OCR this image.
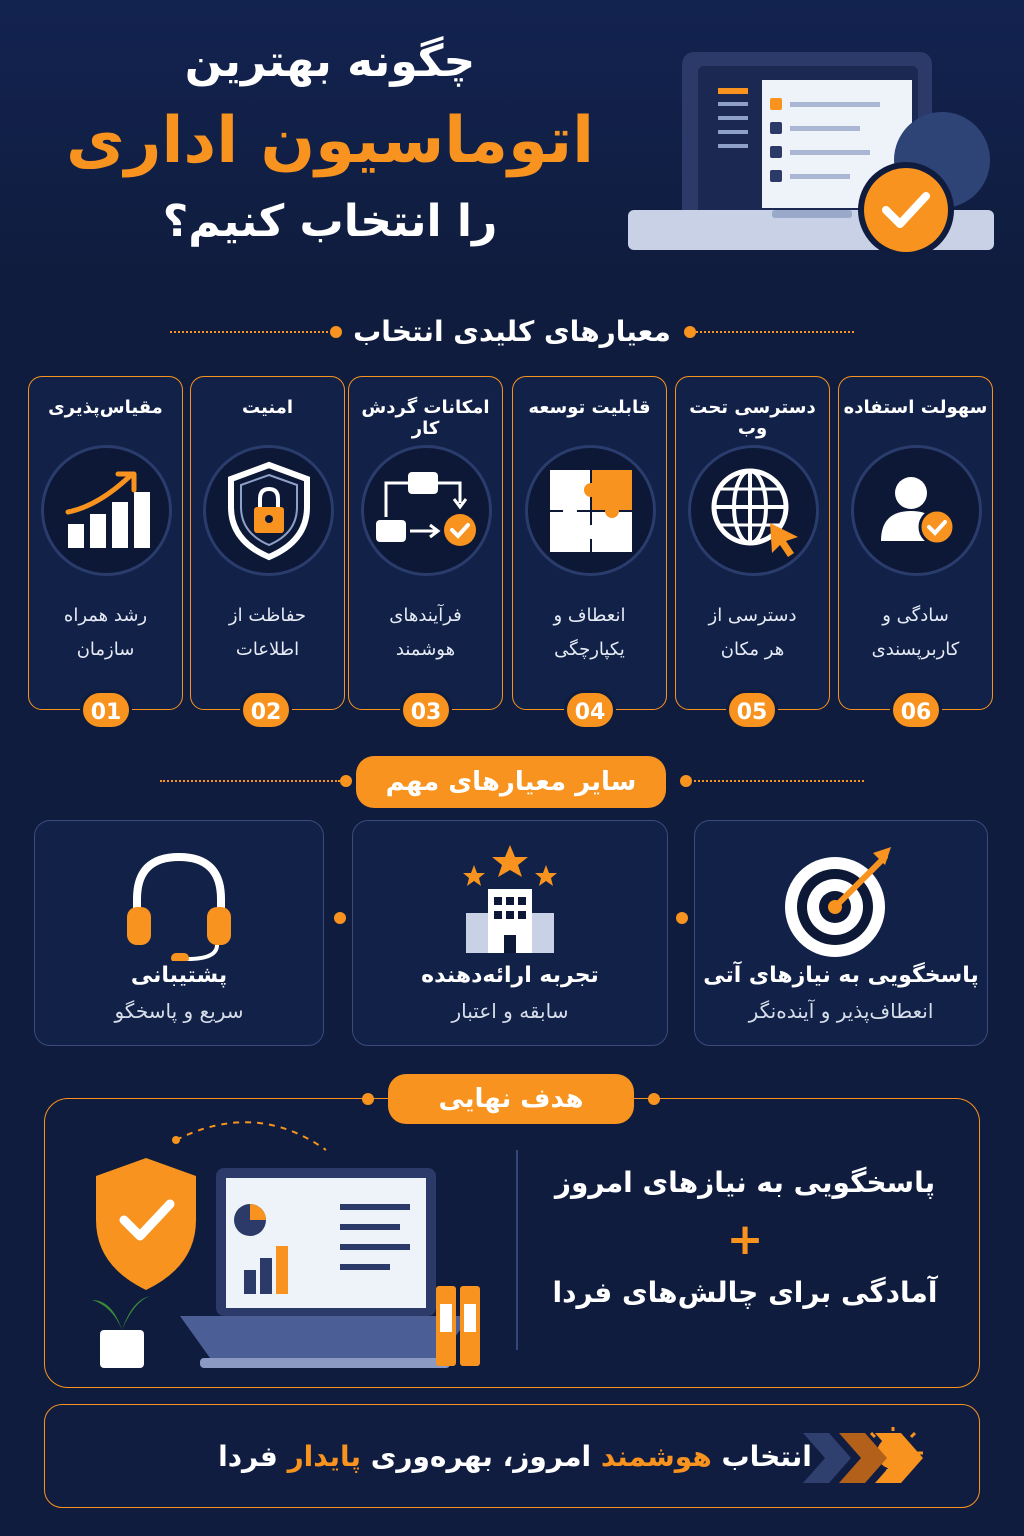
چگونه بهترین
اتوماسیون اداری
را انتخاب کنیم؟
معیارهای کلیدی انتخاب
سهولت استفاده
سادگی و
کاربرپسندی
دسترسی تحت وب
دسترسی از
هر مکان
قابلیت توسعه
انعطاف و
یکپارچگی
امکانات گردش کار
فرآیندهای
هوشمند
امنیت
حفاظت از
اطلاعات
مقیاس‌پذیری
رشد همراه
سازمان
06
05
04
03
02
01
سایر معیارهای مهم
پاسخگویی به نیازهای آتی
انعطاف‌پذیر و آینده‌نگر
تجربه ارائه‌دهنده
سابقه و اعتبار
پشتیبانی
سریع و پاسخگو
هدف نهایی
پاسخگویی به نیازهای امروز
+
آمادگی برای چالش‌های فردا
انتخاب هوشمند امروز، بهره‌وری پایدار فردا
